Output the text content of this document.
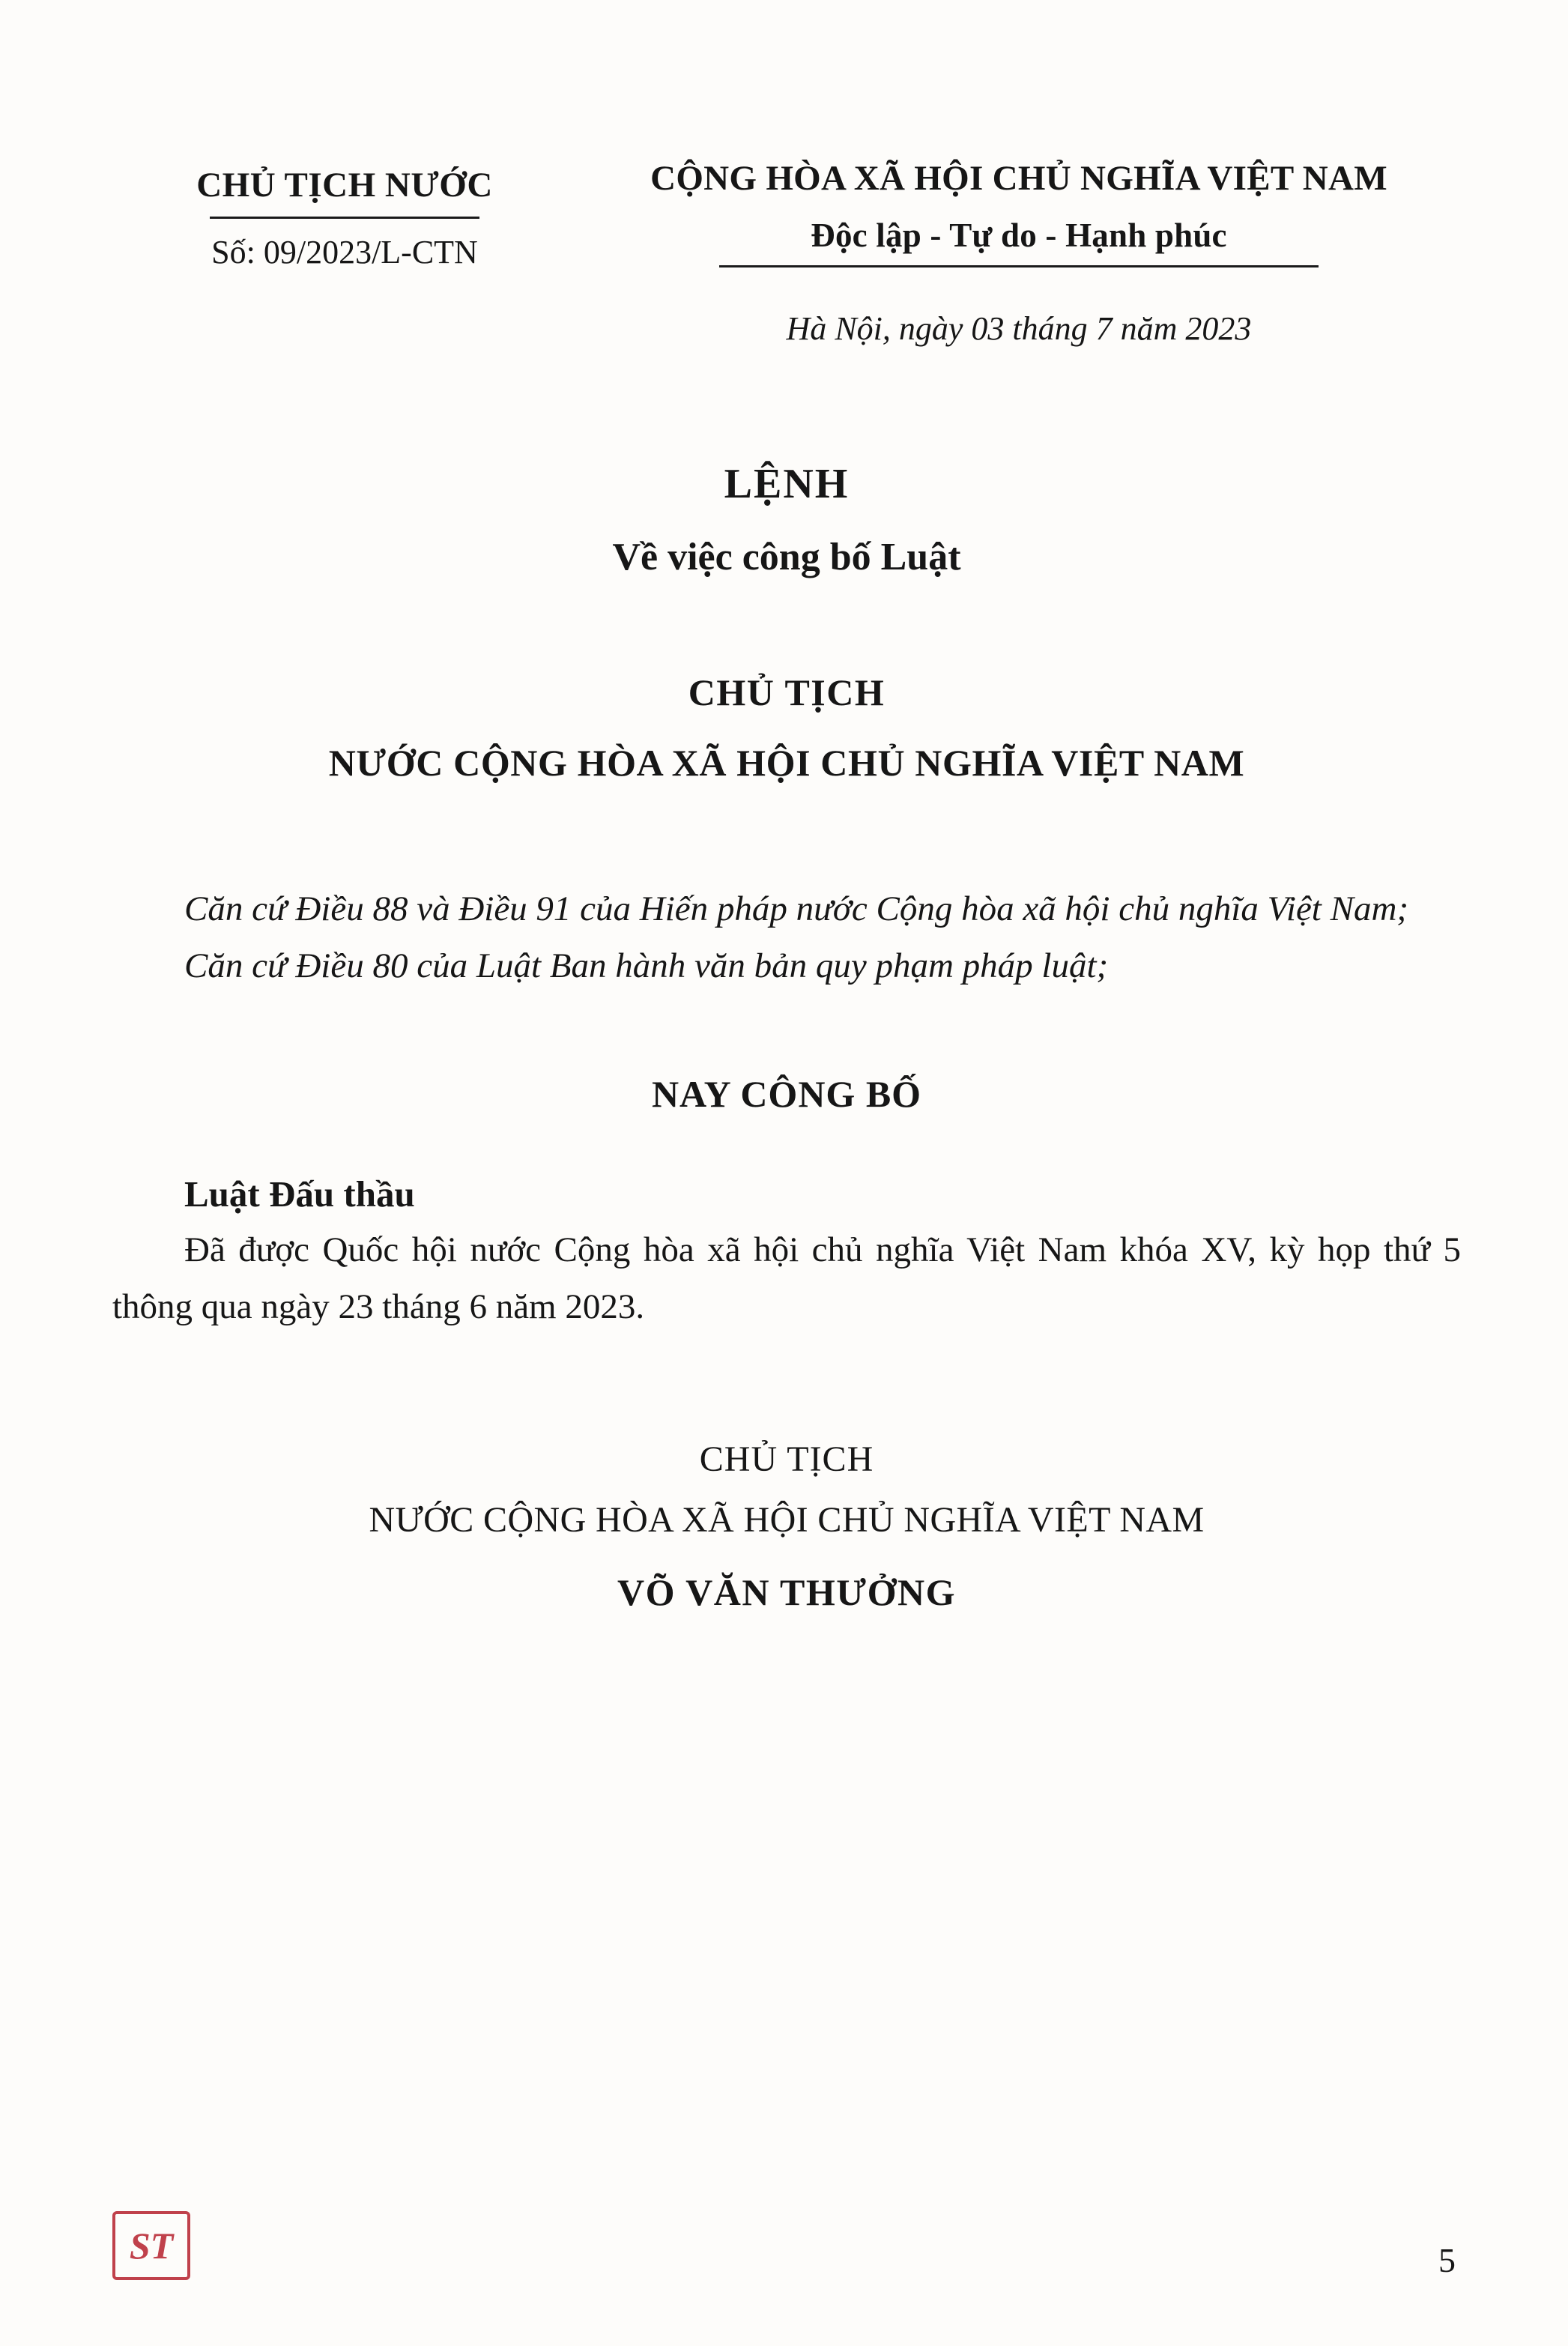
CHỦ TỊCH NƯỚC
Số: 09/2023/L-CTN
CỘNG HÒA XÃ HỘI CHỦ NGHĨA VIỆT NAM
Độc lập - Tự do - Hạnh phúc
Hà Nội, ngày 03 tháng 7 năm 2023
LỆNH
Về việc công bố Luật
CHỦ TỊCH
NƯỚC CỘNG HÒA XÃ HỘI CHỦ NGHĨA VIỆT NAM

Căn cứ Điều 88 và Điều 91 của Hiến pháp nước Cộng hòa xã hội chủ nghĩa Việt Nam;

Căn cứ Điều 80 của Luật Ban hành văn bản quy phạm pháp luật;

NAY CÔNG BỐ
Luật Đấu thầu

Đã được Quốc hội nước Cộng hòa xã hội chủ nghĩa Việt Nam khóa XV, kỳ họp thứ 5 thông qua ngày 23 tháng 6 năm 2023.

CHỦ TỊCH
NƯỚC CỘNG HÒA XÃ HỘI CHỦ NGHĨA VIỆT NAM
VÕ VĂN THƯỞNG
ST	5
